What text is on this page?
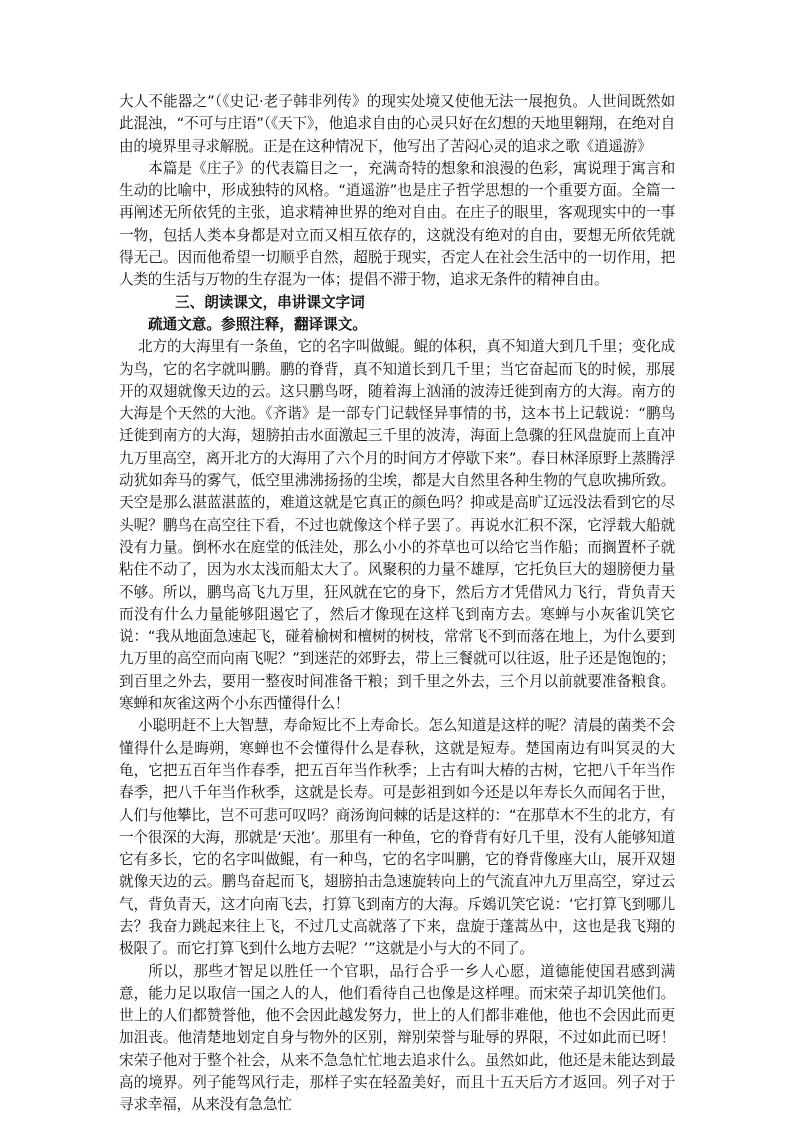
大人不能器之”（《史记·老子韩非列传》的现实处境又使他无法一展抱负。人世间既然如此混浊，“不可与庄语”（《天下》，他追求自由的心灵只好在幻想的天地里翱翔，在绝对自由的境界里寻求解脱。正是在这种情况下，他写出了苦闷心灵的追求之歌《逍遥游》

本篇是《庄子》的代表篇目之一，充满奇特的想象和浪漫的色彩，寓说理于寓言和生动的比喻中，形成独特的风格。“逍遥游”也是庄子哲学思想的一个重要方面。全篇一再阐述无所依凭的主张，追求精神世界的绝对自由。在庄子的眼里，客观现实中的一事一物，包括人类本身都是对立而又相互依存的，这就没有绝对的自由，要想无所依凭就得无己。因而他希望一切顺乎自然，超脱于现实，否定人在社会生活中的一切作用，把人类的生活与万物的生存混为一体；提倡不滞于物，追求无条件的精神自由。

三、朗读课文，串讲课文字词
疏通文意。参照注释，翻译课文。

北方的大海里有一条鱼，它的名字叫做鲲。鲲的体积，真不知道大到几千里；变化成为鸟，它的名字就叫鹏。鹏的脊背，真不知道长到几千里；当它奋起而飞的时候，那展开的双翅就像天边的云。这只鹏鸟呀，随着海上汹涌的波涛迁徙到南方的大海。南方的大海是个天然的大池。《齐谐》是一部专门记载怪异事情的书，这本书上记载说：“鹏鸟迁徙到南方的大海，翅膀拍击水面激起三千里的波涛，海面上急骤的狂风盘旋而上直冲九万里高空，离开北方的大海用了六个月的时间方才停歇下来”。春日林泽原野上蒸腾浮动犹如奔马的雾气，低空里沸沸扬扬的尘埃，都是大自然里各种生物的气息吹拂所致。天空是那么湛蓝湛蓝的，难道这就是它真正的颜色吗？抑或是高旷辽远没法看到它的尽头呢？鹏鸟在高空往下看，不过也就像这个样子罢了。再说水汇积不深，它浮载大船就没有力量。倒杯水在庭堂的低洼处，那么小小的芥草也可以给它当作船；而搁置杯子就粘住不动了，因为水太浅而船太大了。风聚积的力量不雄厚，它托负巨大的翅膀便力量不够。所以，鹏鸟高飞九万里，狂风就在它的身下，然后方才凭借风力飞行，背负青天而没有什么力量能够阻遏它了，然后才像现在这样飞到南方去。寒蝉与小灰雀讥笑它说：“我从地面急速起飞，碰着榆树和檀树的树枝，常常飞不到而落在地上，为什么要到九万里的高空而向南飞呢？”到迷茫的郊野去，带上三餐就可以往返，肚子还是饱饱的；到百里之外去，要用一整夜时间准备干粮；到千里之外去，三个月以前就要准备粮食。寒蝉和灰雀这两个小东西懂得什么！

小聪明赶不上大智慧，寿命短比不上寿命长。怎么知道是这样的呢？清晨的菌类不会懂得什么是晦朔，寒蝉也不会懂得什么是春秋，这就是短寿。楚国南边有叫冥灵的大龟，它把五百年当作春季，把五百年当作秋季；上古有叫大椿的古树，它把八千年当作春季，把八千年当作秋季，这就是长寿。可是彭祖到如今还是以年寿长久而闻名于世，人们与他攀比，岂不可悲可叹吗？商汤询问棘的话是这样的：“在那草木不生的北方，有一个很深的大海，那就是‘天池’。那里有一种鱼，它的脊背有好几千里，没有人能够知道它有多长，它的名字叫做鲲，有一种鸟，它的名字叫鹏，它的脊背像座大山，展开双翅就像天边的云。鹏鸟奋起而飞，翅膀拍击急速旋转向上的气流直冲九万里高空，穿过云气，背负青天，这才向南飞去，打算飞到南方的大海。斥鴳讥笑它说：‘它打算飞到哪儿去？我奋力跳起来往上飞，不过几丈高就落了下来，盘旋于蓬蒿丛中，这也是我飞翔的极限了。而它打算飞到什么地方去呢？’”这就是小与大的不同了。

所以，那些才智足以胜任一个官职，品行合乎一乡人心愿，道德能使国君感到满意，能力足以取信一国之人的人，他们看待自己也像是这样哩。而宋荣子却讥笑他们。世上的人们都赞誉他，他不会因此越发努力，世上的人们都非难他，他也不会因此而更加沮丧。他清楚地划定自身与物外的区别，辩别荣誉与耻辱的界限，不过如此而已呀！宋荣子他对于整个社会，从来不急急忙忙地去追求什么。虽然如此，他还是未能达到最高的境界。列子能驾风行走，那样子实在轻盈美好，而且十五天后方才返回。列子对于寻求幸福，从来没有急急忙
